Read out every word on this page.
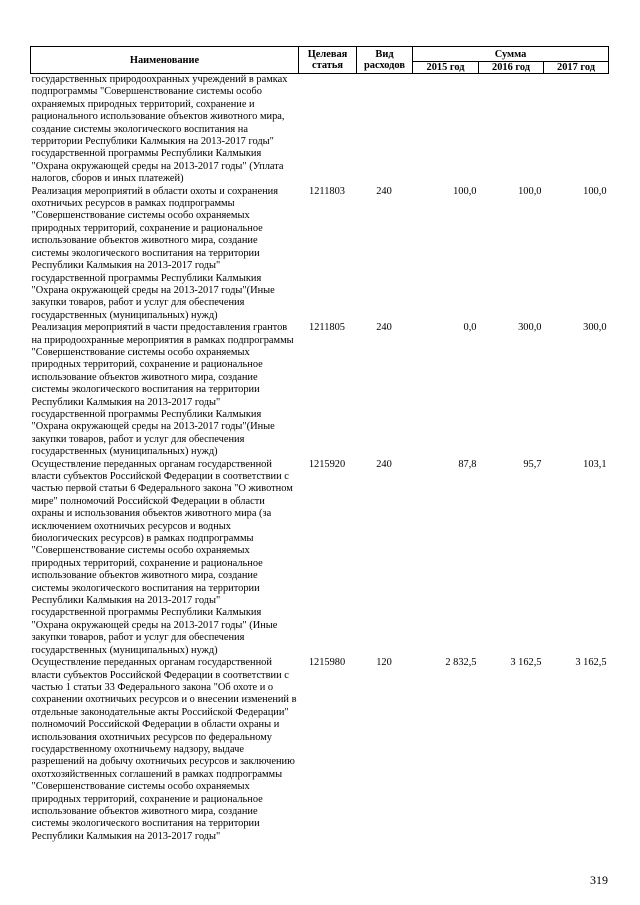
Наименование	Целевая статья	Вид расходов	Сумма		
			2015 год	2016 год	2017 год
государственных природоохранных учреждений в рамках подпрограммы "Совершенствование системы особо охраняемых природных территорий, сохранение и рационального использование объектов животного мира, создание системы экологического воспитания на территории Республики Калмыкия на 2013-2017 годы" государственной программы Республики Калмыкия "Охрана окружающей среды на 2013-2017 годы" (Уплата налогов, сборов и иных платежей)					
Реализация мероприятий в области охоты и сохранения охотничьих ресурсов в рамках подпрограммы "Совершенствование системы особо охраняемых природных территорий, сохранение и рациональное использование объектов животного мира, создание системы экологического воспитания на территории Республики Калмыкия на 2013-2017 годы" государственной программы Республики Калмыкия "Охрана окружающей среды на 2013-2017 годы"(Иные закупки товаров, работ и услуг для обеспечения государственных (муниципальных) нужд)	1211803	240	100,0	100,0	100,0
Реализация мероприятий в части предоставления грантов на природоохранные мероприятия в рамках подпрограммы "Совершенствование системы особо охраняемых природных территорий, сохранение и рациональное использование объектов животного мира, создание системы экологического воспитания на территории Республики Калмыкия на 2013-2017 годы" государственной программы Республики Калмыкия "Охрана окружающей среды на 2013-2017 годы"(Иные закупки товаров, работ и услуг для обеспечения государственных (муниципальных) нужд)	1211805	240	0,0	300,0	300,0
Осуществление переданных органам государственной власти субъектов Российской Федерации в соответствии с частью первой статьи 6 Федерального закона "О животном мире" полномочий Российской Федерации в области охраны и использования объектов животного мира (за исключением охотничьих ресурсов и водных биологических ресурсов) в рамках подпрограммы "Совершенствование системы особо охраняемых природных территорий, сохранение и рациональное использование объектов животного мира, создание системы экологического воспитания на территории Республики Калмыкия на 2013-2017 годы" государственной программы Республики Калмыкия "Охрана окружающей среды на 2013-2017 годы" (Иные закупки товаров, работ и услуг для обеспечения государственных (муниципальных) нужд)	1215920	240	87,8	95,7	103,1
Осуществление переданных органам государственной власти субъектов Российской Федерации в соответствии с частью 1 статьи 33 Федерального закона "Об охоте и о сохранении охотничьих ресурсов и о внесении изменений в отдельные законодательные акты Российской Федерации" полномочий Российской Федерации в области охраны и использования охотничьих ресурсов по федеральному государственному охотничьему надзору, выдаче разрешений на добычу охотничьих ресурсов и заключению охотхозяйственных соглашений в рамках подпрограммы "Совершенствование системы особо охраняемых природных территорий, сохранение и рациональное использование объектов животного мира, создание системы экологического воспитания на территории Республики Калмыкия на 2013-2017 годы"	1215980	120	2 832,5	3 162,5	3 162,5
319
